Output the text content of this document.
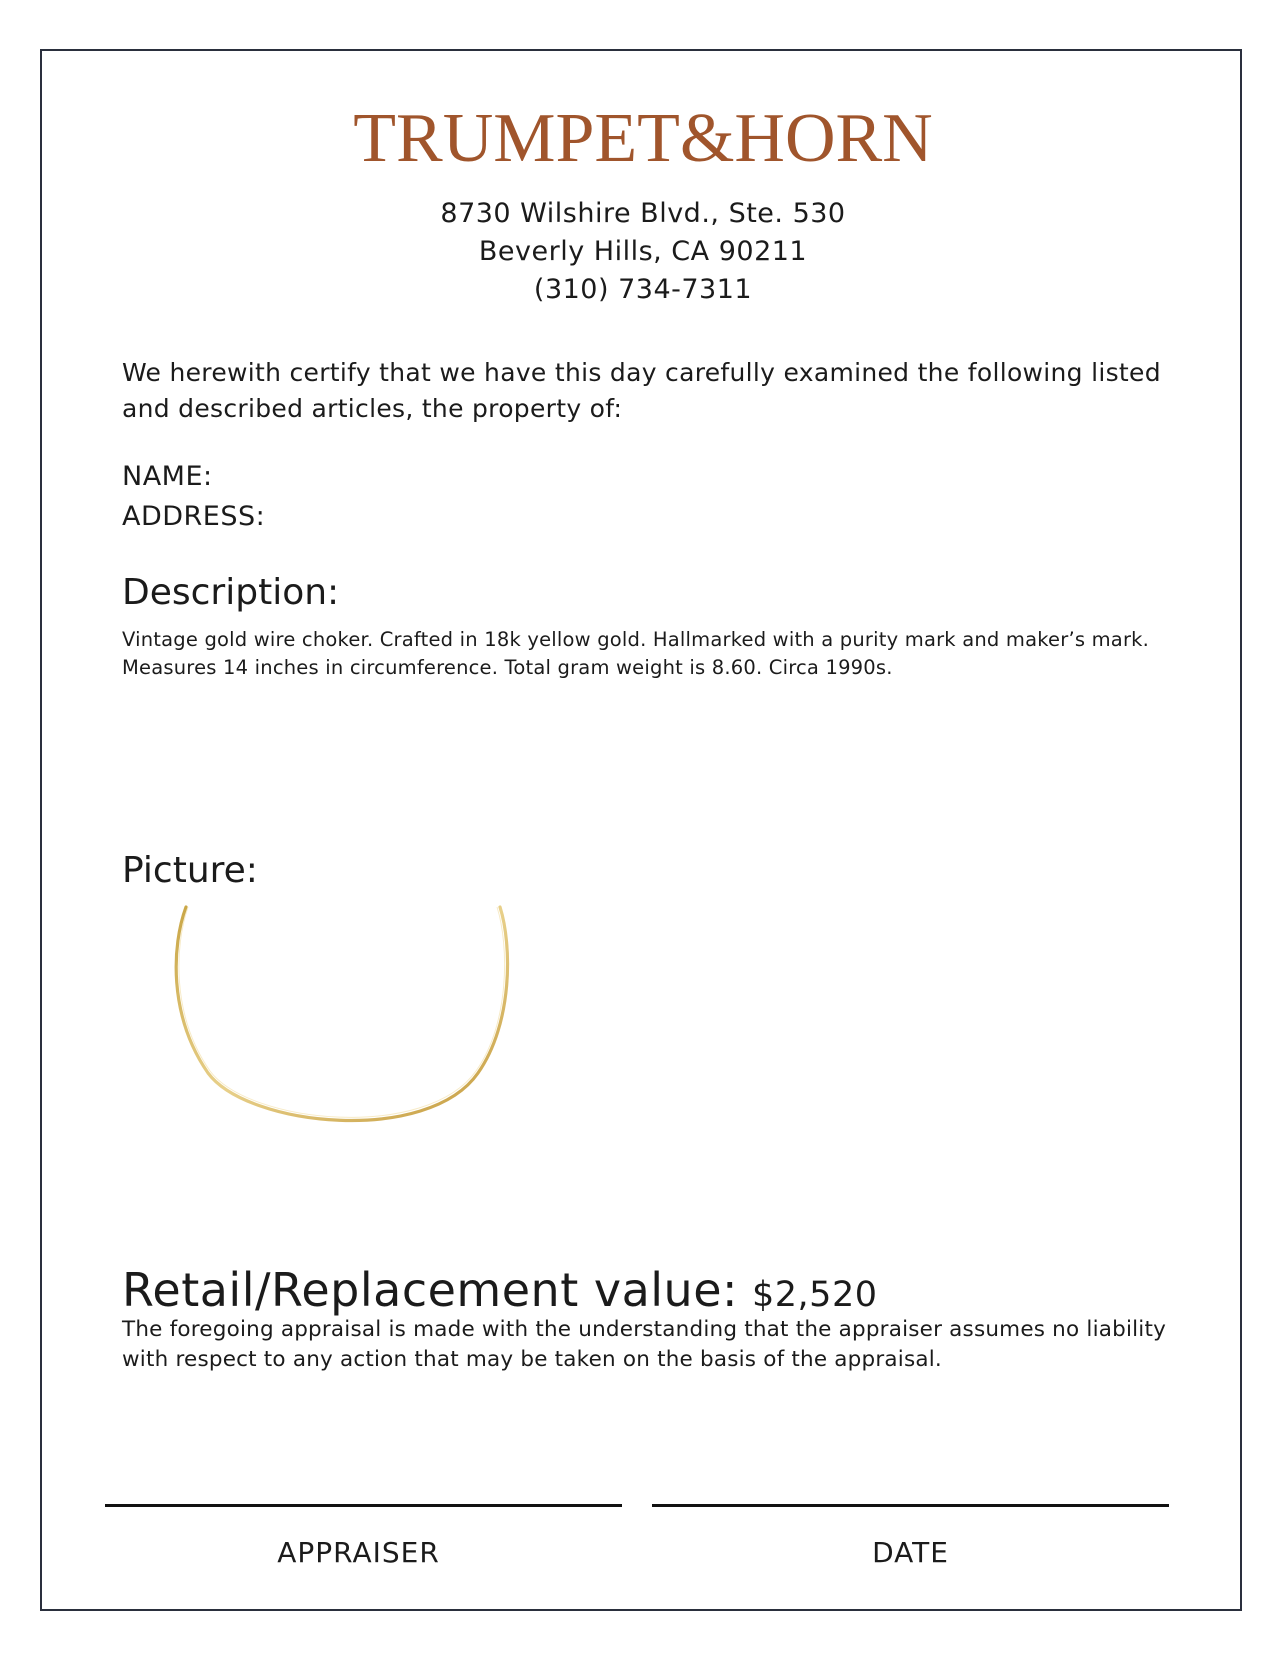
TRUMPET&HORN
8730 Wilshire Blvd., Ste. 530
Beverly Hills, CA 90211
(310) 734-7311
We herewith certify that we have this day carefully examined the following listed and described articles, the property of:
NAME:
ADDRESS:
Description:
Vintage gold wire choker. Crafted in 18k yellow gold. Hallmarked with a purity mark and maker’s mark. Measures 14 inches in circumference. Total gram weight is 8.60. Circa 1990s.
Picture:
Retail/Replacement value: $2,520
The foregoing appraisal is made with the understanding that the appraiser assumes no liability with respect to any action that may be taken on the basis of the appraisal.
APPRAISER	DATE
